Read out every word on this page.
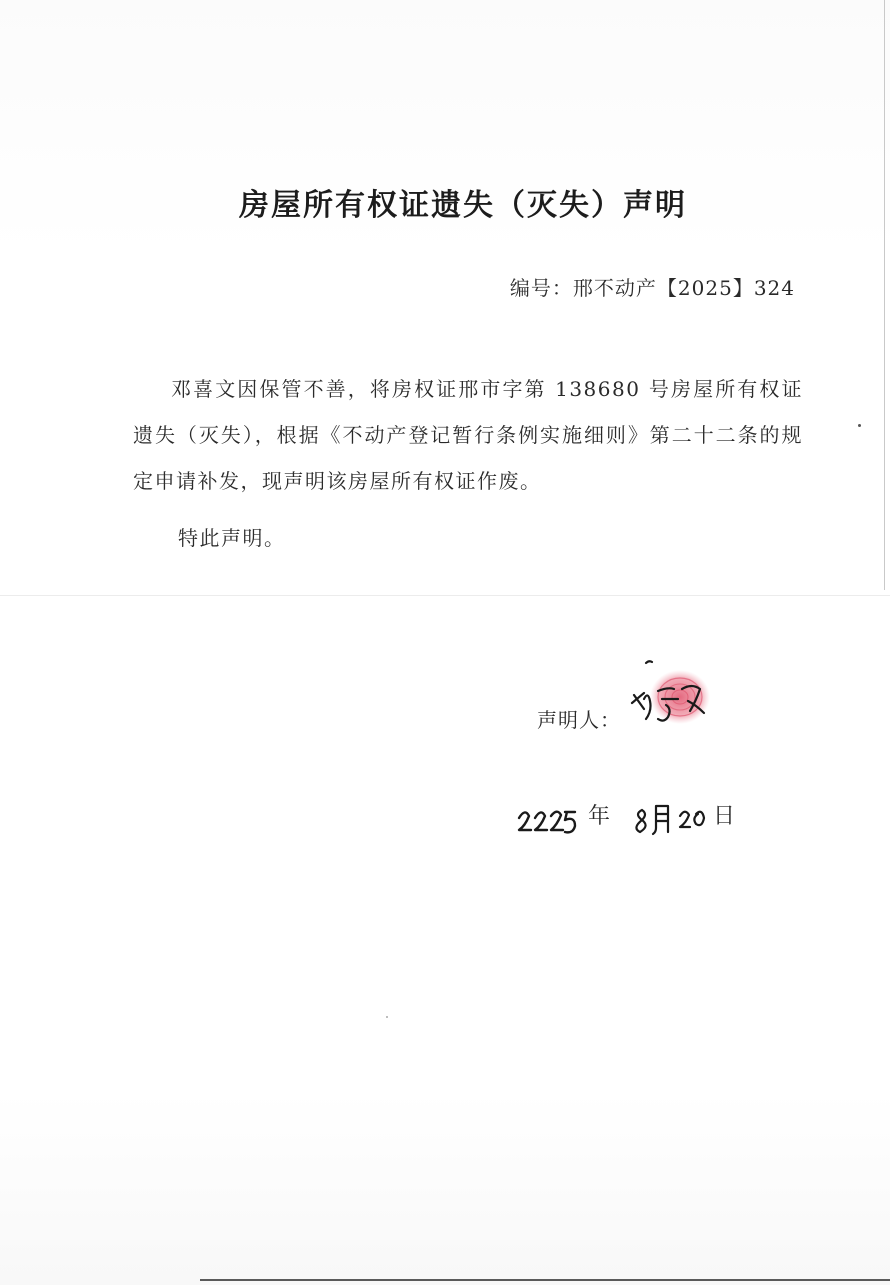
房屋所有权证遗失（灭失）声明
编号：邢不动产【2025】324

邓喜文因保管不善，将房权证邢市字第 138680 号房屋所有权证遗失（灭失），根据《不动产登记暂行条例实施细则》第二十二条的规定申请补发，现声明该房屋所有权证作废。

特此声明。
声明人：
年	日
